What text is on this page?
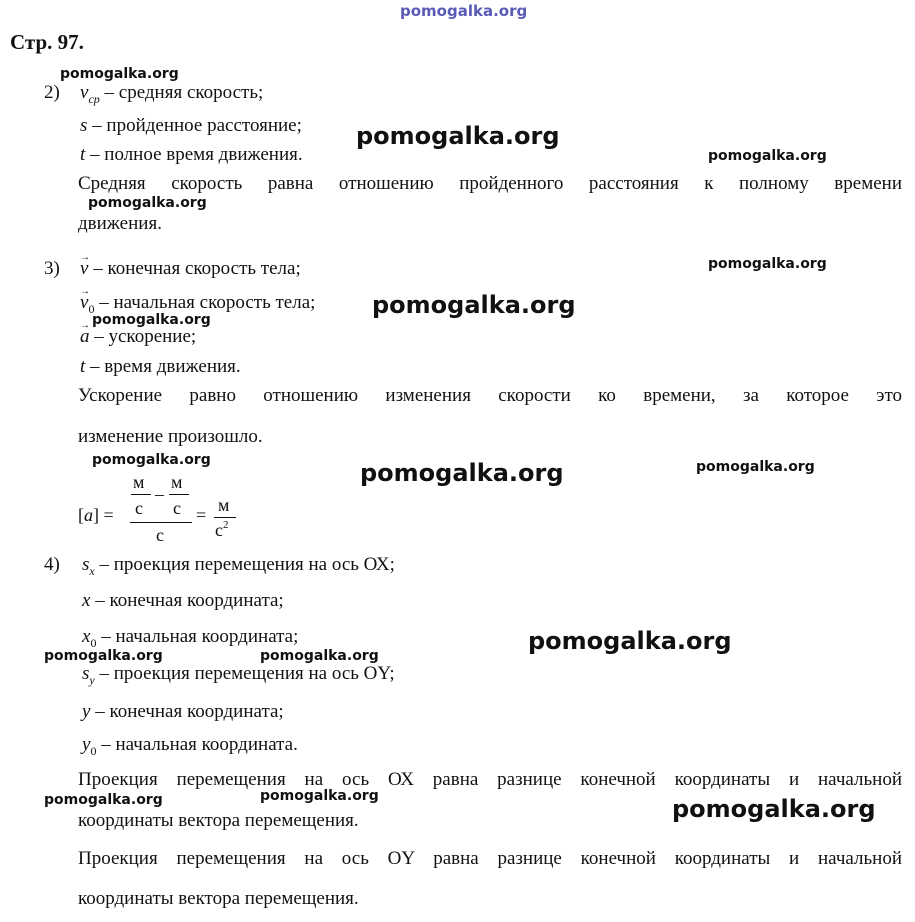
pomogalka.org
pomogalka.org
pomogalka.org
pomogalka.org
pomogalka.org
pomogalka.org
pomogalka.org
pomogalka.org
pomogalka.org	pomogalka.org	pomogalka.org
pomogalka.org
pomogalka.org	pomogalka.org
pomogalka.org	pomogalka.org	pomogalka.org
Стр. 97.
2) $v_{ср}$ – средняя скорость;
s – пройденное расстояние;
t – полное время движения.
Средняя скорость равна отношению пройденного расстояния к полному времени
движения.
3)
→ v – конечная скорость тела;
→ $v_0$ – начальная скорость тела;
→ a – ускорение;
t – время движения.
Ускорение равно отношению изменения скорости ко времени, за которое это
изменение произошло.
[a] =
м
с
–
м
с
с
= м
$с^2$
4) $s_x$ – проекция перемещения на ось ОХ;
x – конечная координата;
$x_0$ – начальная координата;
$s_y$ – проекция перемещения на ось OY;
y – конечная координата;
$y_0$ – начальная координата.
Проекция перемещения на ось ОХ равна разнице конечной координаты и начальной
координаты вектора перемещения.
Проекция перемещения на ось OY равна разнице конечной координаты и начальной
координаты вектора перемещения.
